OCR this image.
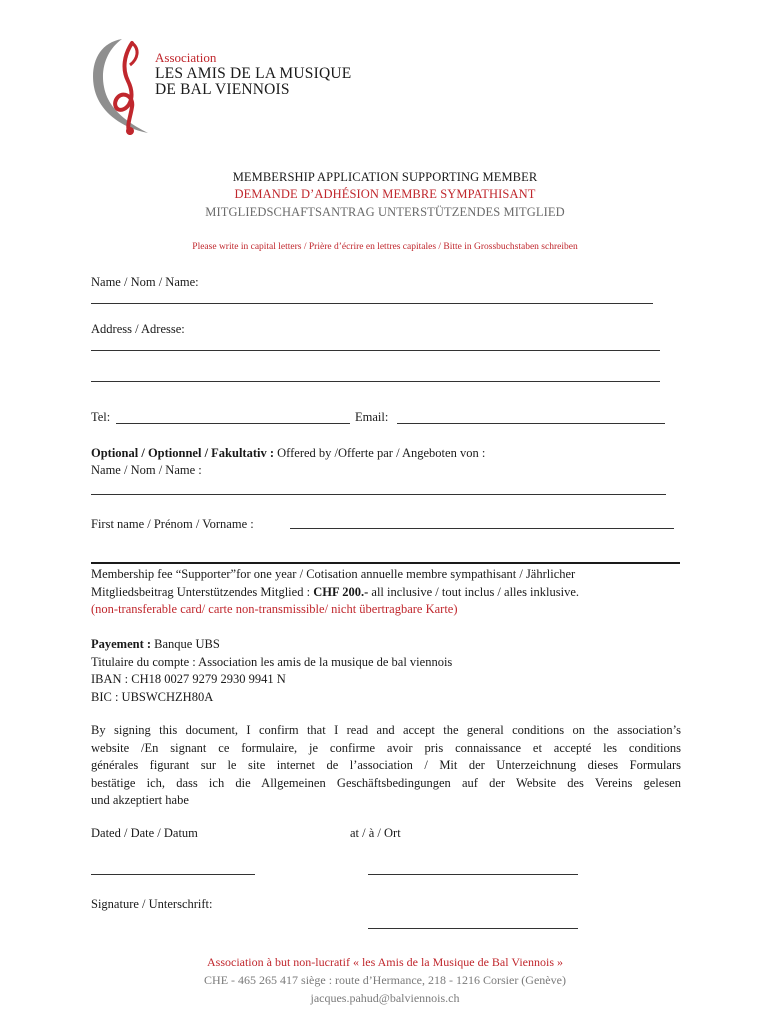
Association
LES AMIS DE LA MUSIQUE
DE BAL VIENNOIS
MEMBERSHIP APPLICATION SUPPORTING MEMBER
DEMANDE D’ADHÉSION MEMBRE SYMPATHISANT
MITGLIEDSCHAFTSANTRAG UNTERSTÜTZENDES MITGLIED
Please write in capital letters / Prière d’écrire en lettres capitales / Bitte in Grossbuchstaben schreiben
Name / Nom / Name:
Address / Adresse:
Tel:	Email:
Optional / Optionnel / Fakultativ : Offered by /Offerte par / Angeboten von :
Name / Nom / Name :
First name / Prénom / Vorname :
Membership fee “Supporter”for one year / Cotisation annuelle membre sympathisant / Jährlicher
Mitgliedsbeitrag Unterstützendes Mitglied : CHF 200.- all inclusive / tout inclus / alles inklusive.
(non-transferable card/ carte non-transmissible/ nicht übertragbare Karte)
Payement : Banque UBS
Titulaire du compte : Association les amis de la musique de bal viennois
IBAN : CH18 0027 9279 2930 9941 N
BIC : UBSWCHZH80A
By signing this document, I confirm that I read and accept the general conditions on the association’s
website /En signant ce formulaire, je confirme avoir pris connaissance et accepté les conditions
générales figurant sur le site internet de l’association / Mit der Unterzeichnung dieses Formulars
bestätige ich, dass ich die Allgemeinen Geschäftsbedingungen auf der Website des Vereins gelesen
und akzeptiert habe
Dated / Date / Datum	at / à / Ort
Signature / Unterschrift:
Association à but non-lucratif « les Amis de la Musique de Bal Viennois »
CHE - 465 265 417 siège : route d’Hermance, 218 - 1216 Corsier (Genève)
jacques.pahud@balviennois.ch
